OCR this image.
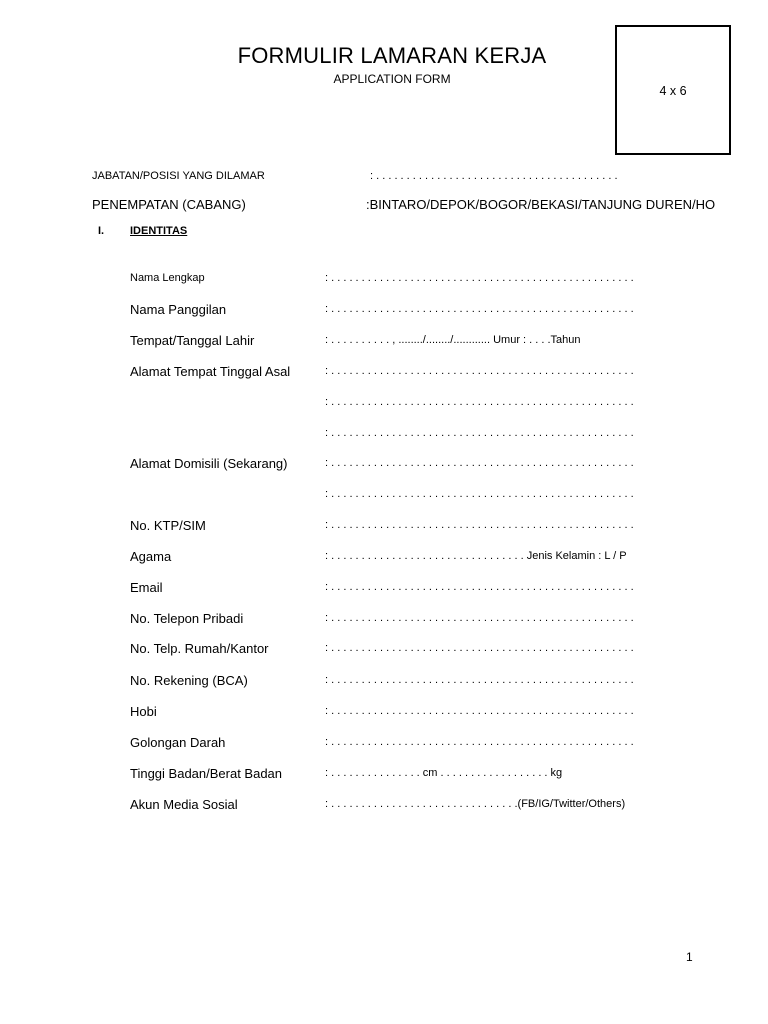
FORMULIR LAMARAN KERJA
APPLICATION FORM
4 x 6
JABATAN/POSISI YANG DILAMAR	: . . . . . . . . . . . . . . . . . . . . . . . . . . . . . . . . . . . . . . . .
PENEMPATAN (CABANG)	:BINTARO/DEPOK/BOGOR/BEKASI/TANJUNG DUREN/HO
I. IDENTITAS
Nama Lengkap	: . . . . . . . . . . . . . . . . . . . . . . . . . . . . . . . . . . . . . . . . . . . . . . . . . .
Nama Panggilan	: . . . . . . . . . . . . . . . . . . . . . . . . . . . . . . . . . . . . . . . . . . . . . . . . . .
Tempat/Tanggal Lahir	: . . . . . . . . . . , ......../......../............ Umur : . . . .Tahun
Alamat Tempat Tinggal Asal	: . . . . . . . . . . . . . . . . . . . . . . . . . . . . . . . . . . . . . . . . . . . . . . . . . .
: . . . . . . . . . . . . . . . . . . . . . . . . . . . . . . . . . . . . . . . . . . . . . . . . . .
: . . . . . . . . . . . . . . . . . . . . . . . . . . . . . . . . . . . . . . . . . . . . . . . . . .
Alamat Domisili (Sekarang)	: . . . . . . . . . . . . . . . . . . . . . . . . . . . . . . . . . . . . . . . . . . . . . . . . . .
: . . . . . . . . . . . . . . . . . . . . . . . . . . . . . . . . . . . . . . . . . . . . . . . . . .
No. KTP/SIM	: . . . . . . . . . . . . . . . . . . . . . . . . . . . . . . . . . . . . . . . . . . . . . . . . . .
Agama	: . . . . . . . . . . . . . . . . . . . . . . . . . . . . . . . . Jenis Kelamin : L / P
Email	: . . . . . . . . . . . . . . . . . . . . . . . . . . . . . . . . . . . . . . . . . . . . . . . . . .
No. Telepon Pribadi	: . . . . . . . . . . . . . . . . . . . . . . . . . . . . . . . . . . . . . . . . . . . . . . . . . .
No. Telp. Rumah/Kantor	: . . . . . . . . . . . . . . . . . . . . . . . . . . . . . . . . . . . . . . . . . . . . . . . . . .
No. Rekening (BCA)	: . . . . . . . . . . . . . . . . . . . . . . . . . . . . . . . . . . . . . . . . . . . . . . . . . .
Hobi	: . . . . . . . . . . . . . . . . . . . . . . . . . . . . . . . . . . . . . . . . . . . . . . . . . .
Golongan Darah	: . . . . . . . . . . . . . . . . . . . . . . . . . . . . . . . . . . . . . . . . . . . . . . . . . .
Tinggi Badan/Berat Badan	: . . . . . . . . . . . . . . . cm . . . . . . . . . . . . . . . . . . kg
Akun Media Sosial	: . . . . . . . . . . . . . . . . . . . . . . . . . . . . . . .(FB/IG/Twitter/Others)
1
